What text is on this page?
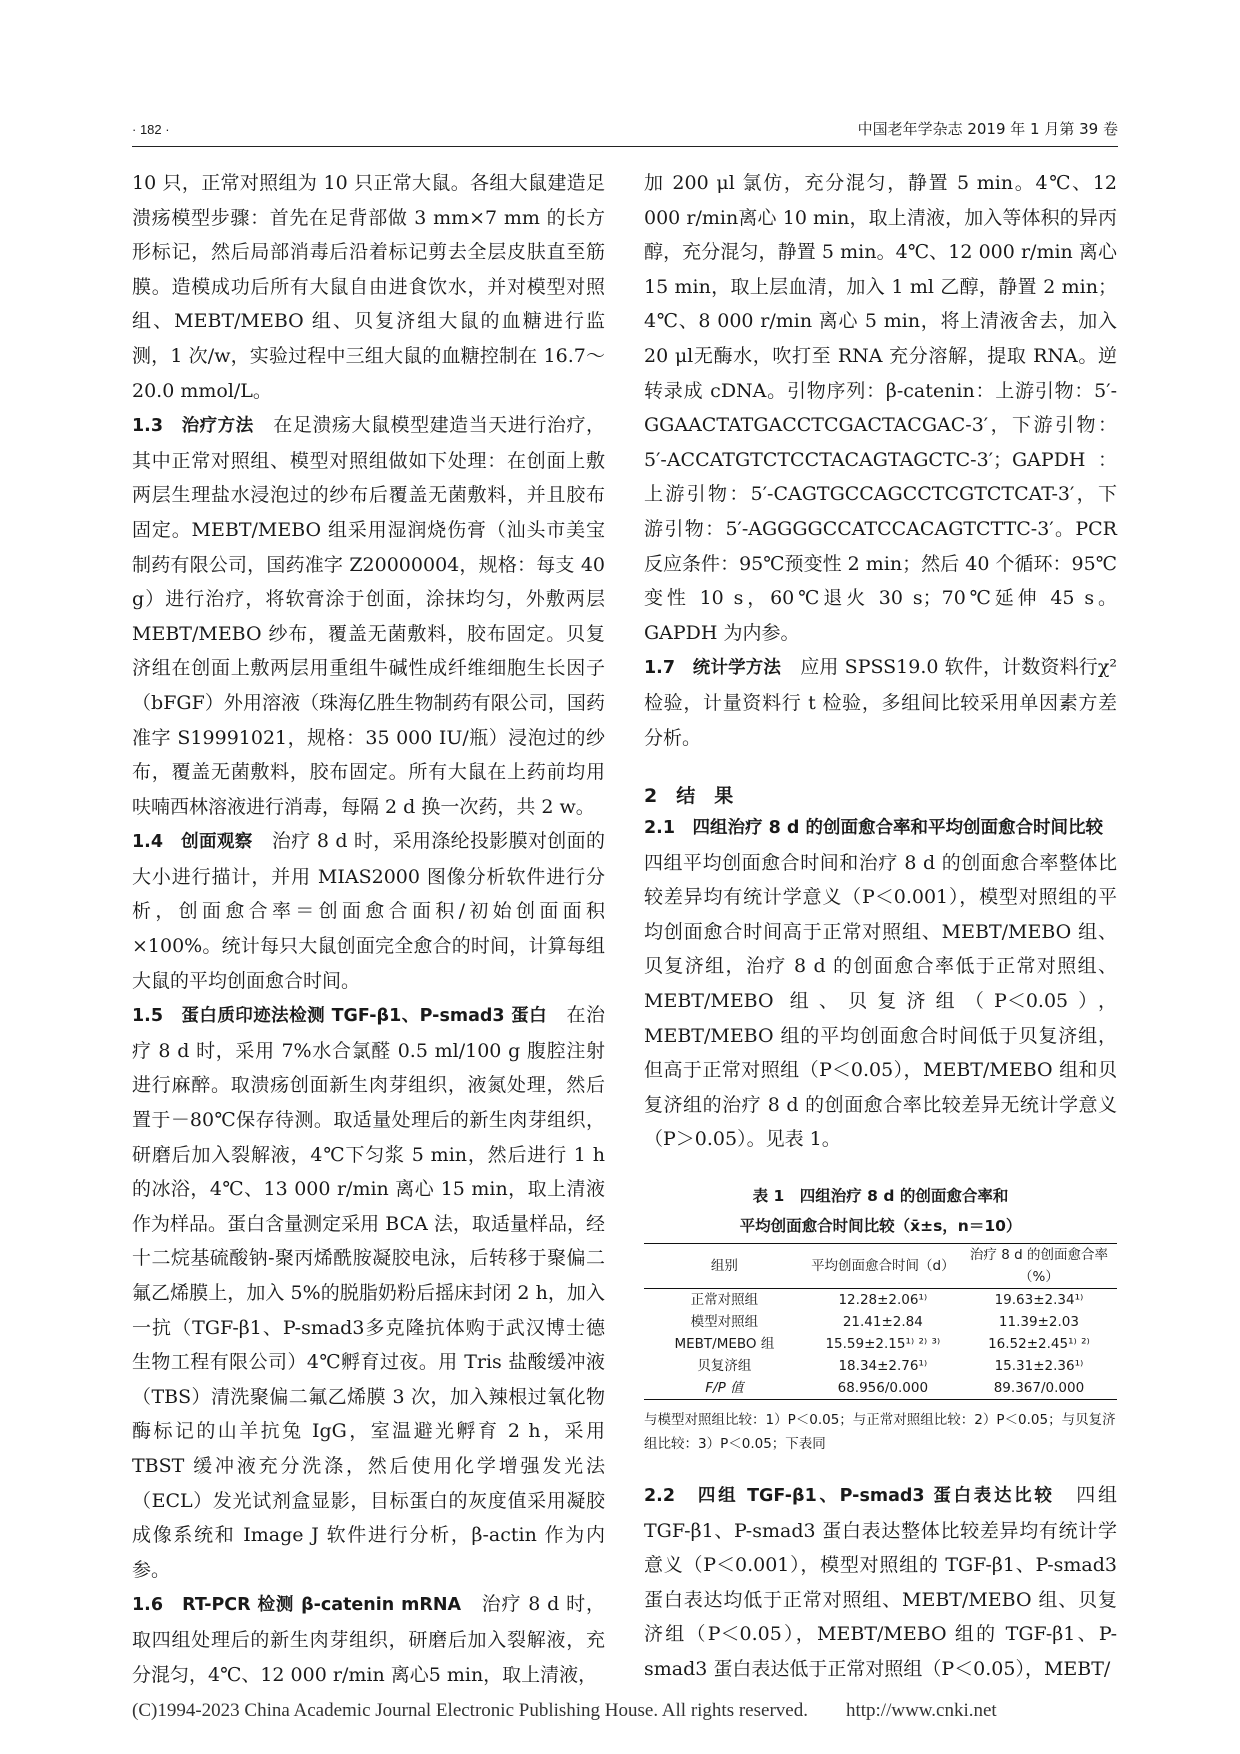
· 182 ·	中国老年学杂志 2019 年 1 月第 39 卷

10 只，正常对照组为 10 只正常大鼠。各组大鼠建造足溃疡模型步骤：首先在足背部做 3 mm×7 mm 的长方形标记，然后局部消毒后沿着标记剪去全层皮肤直至筋膜。造模成功后所有大鼠自由进食饮水，并对模型对照组、MEBT/MEBO 组、贝复济组大鼠的血糖进行监测，1 次/w，实验过程中三组大鼠的血糖控制在 16.7～20.0 mmol/L。

1.3　治疗方法　在足溃疡大鼠模型建造当天进行治疗，其中正常对照组、模型对照组做如下处理：在创面上敷两层生理盐水浸泡过的纱布后覆盖无菌敷料，并且胶布固定。MEBT/MEBO 组采用湿润烧伤膏（汕头市美宝制药有限公司，国药准字 Z20000004，规格：每支 40 g）进行治疗，将软膏涂于创面，涂抹均匀，外敷两层 MEBT/MEBO 纱布，覆盖无菌敷料，胶布固定。贝复济组在创面上敷两层用重组牛碱性成纤维细胞生长因子（bFGF）外用溶液（珠海亿胜生物制药有限公司，国药准字 S19991021，规格：35 000 IU/瓶）浸泡过的纱布，覆盖无菌敷料，胶布固定。所有大鼠在上药前均用呋喃西林溶液进行消毒，每隔 2 d 换一次药，共 2 w。

1.4　创面观察　治疗 8 d 时，采用涤纶投影膜对创面的大小进行描计，并用 MIAS2000 图像分析软件进行分析，创面愈合率＝创面愈合面积/初始创面面积×100%。统计每只大鼠创面完全愈合的时间，计算每组大鼠的平均创面愈合时间。

1.5　蛋白质印迹法检测 TGF-β1、P-smad3 蛋白　在治疗 8 d 时，采用 7%水合氯醛 0.5 ml/100 g 腹腔注射进行麻醉。取溃疡创面新生肉芽组织，液氮处理，然后置于－80℃保存待测。取适量处理后的新生肉芽组织，研磨后加入裂解液，4℃下匀浆 5 min，然后进行 1 h 的冰浴，4℃、13 000 r/min 离心 15 min，取上清液作为样品。蛋白含量测定采用 BCA 法，取适量样品，经十二烷基硫酸钠-聚丙烯酰胺凝胶电泳，后转移于聚偏二氟乙烯膜上，加入 5%的脱脂奶粉后摇床封闭 2 h，加入一抗（TGF-β1、P-smad3多克隆抗体购于武汉博士德生物工程有限公司）4℃孵育过夜。用 Tris 盐酸缓冲液（TBS）清洗聚偏二氟乙烯膜 3 次，加入辣根过氧化物酶标记的山羊抗兔 IgG，室温避光孵育 2 h，采用 TBST 缓冲液充分洗涤，然后使用化学增强发光法（ECL）发光试剂盒显影，目标蛋白的灰度值采用凝胶成像系统和 Image J 软件进行分析，β-actin 作为内参。

1.6　RT-PCR 检测 β-catenin mRNA　治疗 8 d 时，取四组处理后的新生肉芽组织，研磨后加入裂解液，充分混匀，4℃、12 000 r/min 离心5 min，取上清液，

加 200 μl 氯仿，充分混匀，静置 5 min。4℃、12 000 r/min离心 10 min，取上清液，加入等体积的异丙醇，充分混匀，静置 5 min。4℃、12 000 r/min 离心 15 min，取上层血清，加入 1 ml 乙醇，静置 2 min；4℃、8 000 r/min 离心 5 min，将上清液舍去，加入20 μl无酶水，吹打至 RNA 充分溶解，提取 RNA。逆转录成 cDNA。引物序列：β-catenin：上游引物：5′-GGAACTATGACCTCGACTACGAC-3′，下游引物：5′-ACCATGTCTCCTACAGTAGCTC-3′；GAPDH：上游引物：5′-CAGTGCCAGCCTCGTCTCAT-3′，下游引物：5′-AGGGGCCATCCACAGTCTTC-3′。PCR 反应条件：95℃预变性 2 min；然后 40 个循环：95℃变性 10 s，60℃退火 30 s；70℃延伸 45 s。GAPDH 为内参。

1.7　统计学方法　应用 SPSS19.0 软件，计数资料行χ² 检验，计量资料行 t 检验，多组间比较采用单因素方差分析。

2　结　果

2.1　四组治疗 8 d 的创面愈合率和平均创面愈合时间比较　四组平均创面愈合时间和治疗 8 d 的创面愈合率整体比较差异均有统计学意义（P＜0.001），模型对照组的平均创面愈合时间高于正常对照组、MEBT/MEBO 组、贝复济组，治疗 8 d 的创面愈合率低于正常对照组、MEBT/MEBO 组、贝复济组（P＜0.05），MEBT/MEBO 组的平均创面愈合时间低于贝复济组，但高于正常对照组（P＜0.05），MEBT/MEBO 组和贝复济组的治疗 8 d 的创面愈合率比较差异无统计学意义（P＞0.05）。见表 1。

表 1　四组治疗 8 d 的创面愈合率和
平均创面愈合时间比较（x̄±s，n＝10）
组别	平均创面愈合时间（d）	治疗 8 d 的创面愈合率（%）
正常对照组	12.28±2.06¹⁾	19.63±2.34¹⁾
模型对照组	21.41±2.84	11.39±2.03
MEBT/MEBO 组	15.59±2.15¹⁾ ²⁾ ³⁾	16.52±2.45¹⁾ ²⁾
贝复济组	18.34±2.76¹⁾	15.31±2.36¹⁾
F/P 值	68.956/0.000	89.367/0.000
与模型对照组比较：1）P＜0.05；与正常对照组比较：2）P＜0.05；与贝复济组比较：3）P＜0.05；下表同

2.2　四组 TGF-β1、P-smad3 蛋白表达比较　四组 TGF-β1、P-smad3 蛋白表达整体比较差异均有统计学意义（P＜0.001），模型对照组的 TGF-β1、P-smad3 蛋白表达均低于正常对照组、MEBT/MEBO 组、贝复济组（P＜0.05），MEBT/MEBO 组的 TGF-β1、P-smad3 蛋白表达低于正常对照组（P＜0.05），MEBT/

(C)1994-2023 China Academic Journal Electronic Publishing House. All rights reserved.　　http://www.cnki.net
